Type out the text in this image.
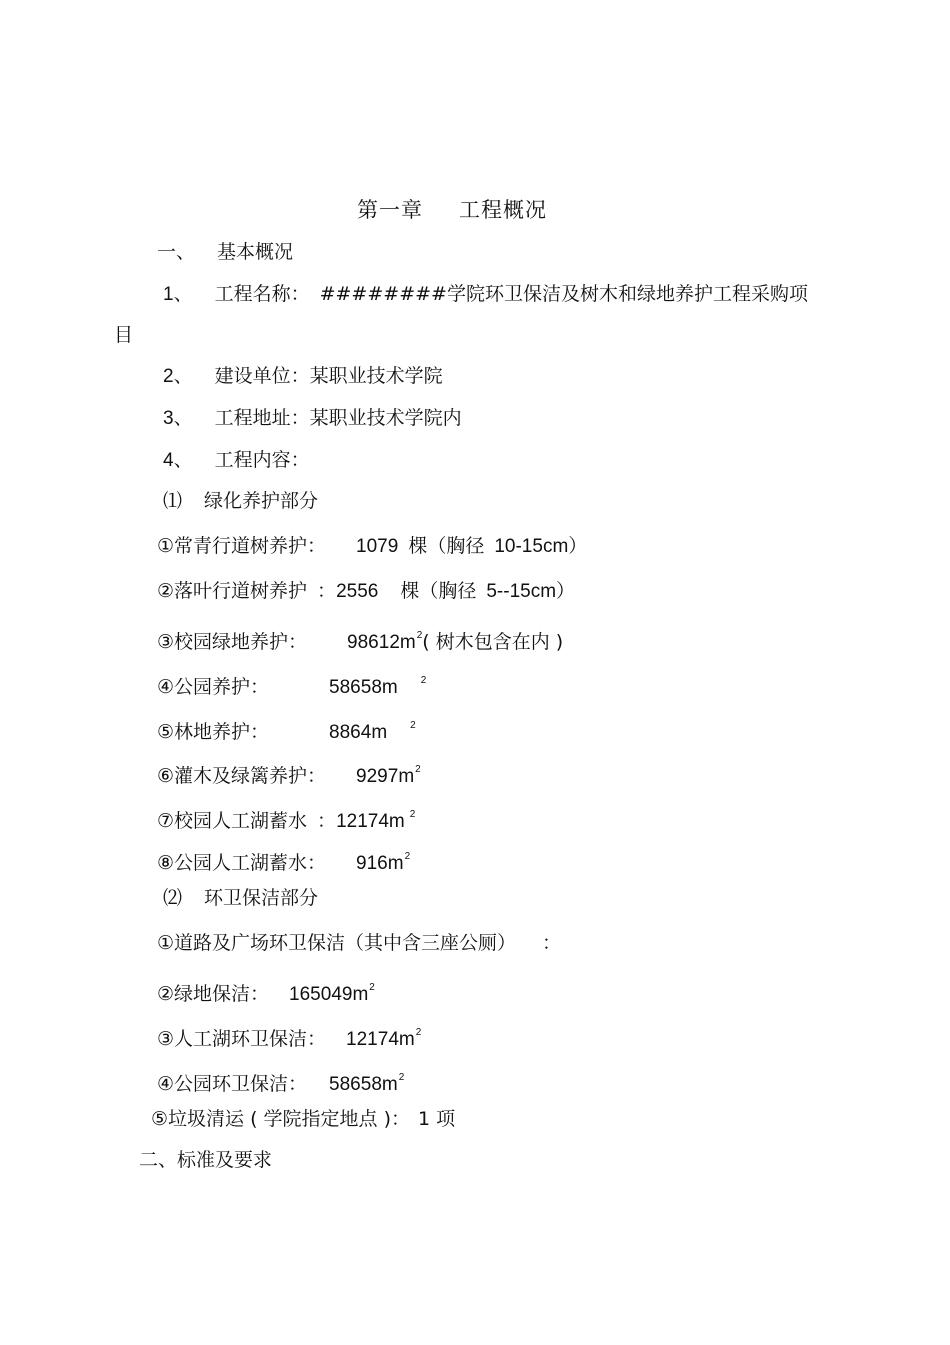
第一章 工程概况
一、 基本概况
1、 工程名称： ########学院环卫保洁及树木和绿地养护工程采购项
目
2、 建设单位：某职业技术学院
3、 工程地址：某职业技术学院内
4、 工程内容：
⑴ 绿化养护部分
①常青行道树养护： 1079 棵（胸径 10-15cm）
②落叶行道树养护 ：2556 棵（胸径 5--15cm）
③校园绿地养护： $98612m^2$( 树木包含在内 )
④公园养护：	58658m $^2$
⑤林地养护：	8864m $^2$
⑥灌木及绿篱养护： $9297m^2$
⑦校园人工湖蓄水 ：12174m $^2$
⑧公园人工湖蓄水： $916m^2$
⑵ 环卫保洁部分
①道路及广场环卫保洁（其中含三座公厕） ：
②绿地保洁： $165049m^2$
③人工湖环卫保洁： $12174m^2$
④公园环卫保洁： $58658m^2$
⑤垃圾清运 ( 学院指定地点 )： 1 项
二、标准及要求
